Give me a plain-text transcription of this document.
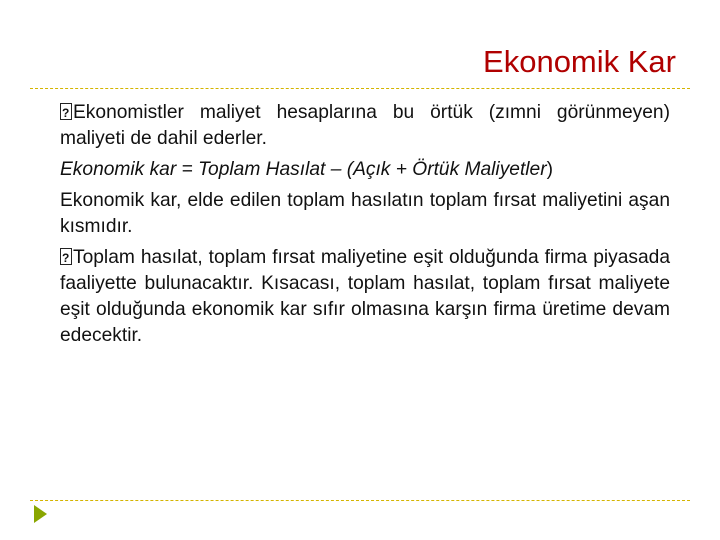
Ekonomik Kar

?Ekonomistler maliyet hesaplarına bu örtük (zımni görünmeyen) maliyeti de dahil ederler.

Ekonomik kar = Toplam Hasılat – (Açık + Örtük Maliyetler)

Ekonomik kar, elde edilen toplam hasılatın toplam fırsat maliyetini aşan kısmıdır.

?Toplam hasılat, toplam fırsat maliyetine eşit olduğunda firma piyasada faaliyette bulunacaktır. Kısacası, toplam hasılat, toplam fırsat maliyete eşit olduğunda ekonomik kar sıfır olmasına karşın firma üretime devam edecektir.
